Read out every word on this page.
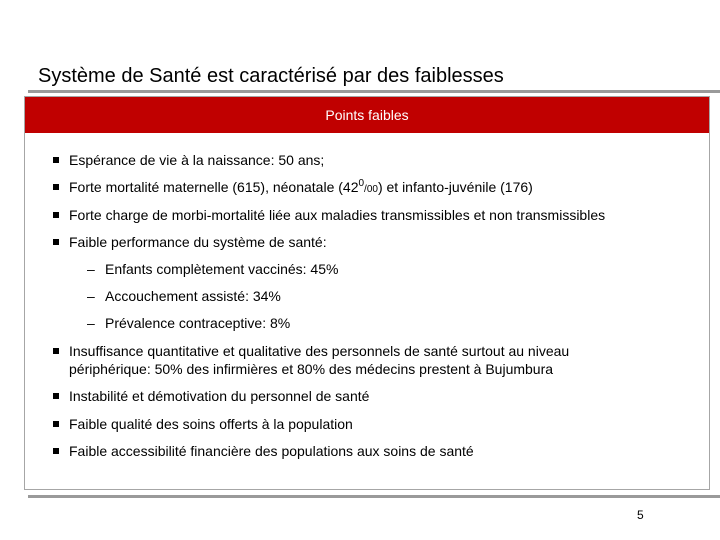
Système de Santé est caractérisé par des faiblesses
Points faibles
Espérance de vie à la naissance: 50 ans;
Forte mortalité maternelle (615), néonatale $(42^0/00)$ et infanto-juvénile (176)
Forte charge de morbi-mortalité liée aux maladies transmissibles et non transmissibles
Faible performance du système de santé:
– Enfants complètement vaccinés: 45%
– Accouchement assisté: 34%
– Prévalence contraceptive: 8%
Insuffisance quantitative et qualitative des personnels de santé surtout au niveau périphérique: 50% des infirmières et 80% des médecins prestent à Bujumbura
Instabilité et démotivation du personnel de santé
Faible qualité des soins offerts à la population
Faible accessibilité financière des populations aux soins de santé
5
